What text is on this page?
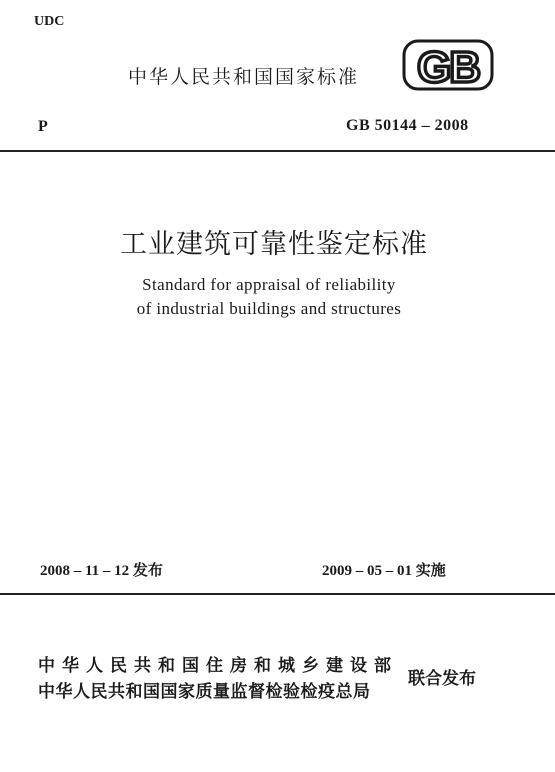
UDC
中华人民共和国国家标准 GB
P	GB 50144 – 2008
工业建筑可靠性鉴定标准
Standard for appraisal of reliability
of industrial buildings and structures
2008 – 11 – 12 发布	2009 – 05 – 01 实施
中华人民共和国住房和城乡建设部
中华人民共和国国家质量监督检验检疫总局
联合发布
